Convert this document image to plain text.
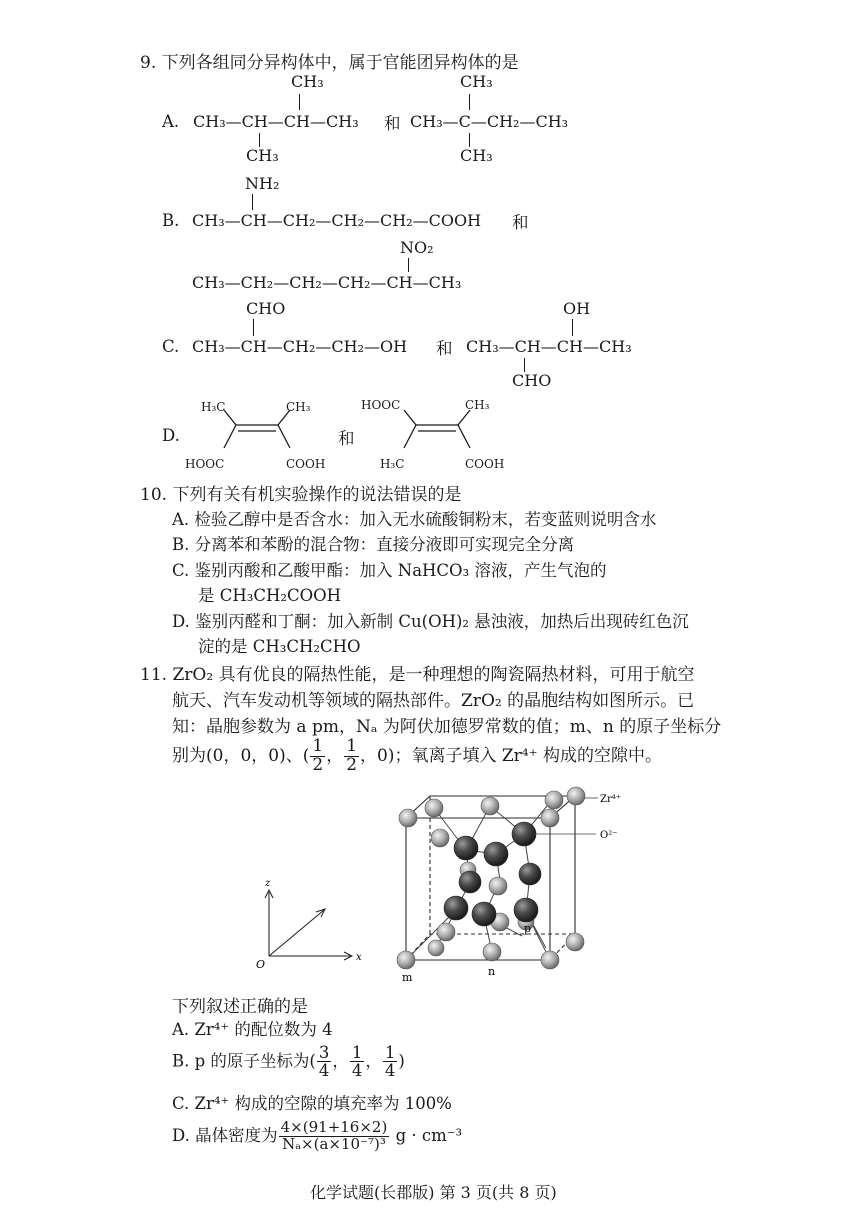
9. 下列各组同分异构体中，属于官能团异构体的是
A.
CH₃
CH₃—CH—CH—CH₃
CH₃
和
CH₃
CH₃—C—CH₂—CH₃
CH₃
NH₂
B. CH₃—CH—CH₂—CH₂—CH₂—COOH 和
NO₂
CH₃—CH₂—CH₂—CH₂—CH—CH₃
CHO
C. CH₃—CH—CH₂—CH₂—OH 和
OH
CH₃—CH—CH—CH₃
CHO
D.
H₃C	CH₃
HOOC	COOH
和
HOOC	CH₃
H₃C	COOH
10. 下列有关有机实验操作的说法错误的是
A. 检验乙醇中是否含水：加入无水硫酸铜粉末，若变蓝则说明含水
B. 分离苯和苯酚的混合物：直接分液即可实现完全分离
C. 鉴别丙酸和乙酸甲酯：加入 NaHCO₃ 溶液，产生气泡的
是 CH₃CH₂COOH
D. 鉴别丙醛和丁酮：加入新制 Cu(OH)₂ 悬浊液，加热后出现砖红色沉
淀的是 CH₃CH₂CHO
11. ZrO₂ 具有优良的隔热性能，是一种理想的陶瓷隔热材料，可用于航空
航天、汽车发动机等领域的隔热部件。ZrO₂ 的晶胞结构如图所示。已
知：晶胞参数为 a pm，Nₐ 为阿伏加德罗常数的值；m、n 的原子坐标分
别为(0，0，0)、( $\frac{1}{2}$ ， $\frac{1}{2}$ ，0)；氧离子填入 Zr⁴⁺ 构成的空隙中。
Zr⁴⁺
O²⁻
p
m	n
z
x
O
下列叙述正确的是
A. Zr⁴⁺ 的配位数为 4
B. p 的原子坐标为( $\frac{3}{4}$ ， $\frac{1}{4}$ ， $\frac{1}{4}$ )
C. Zr⁴⁺ 构成的空隙的填充率为 100%
D. 晶体密度为 $\frac{4\times(91+16\times 2)}{\text{Nₐ×(a×10⁻⁷)³}}$ g · cm⁻³
化学试题(长郡版) 第 3 页(共 8 页)
